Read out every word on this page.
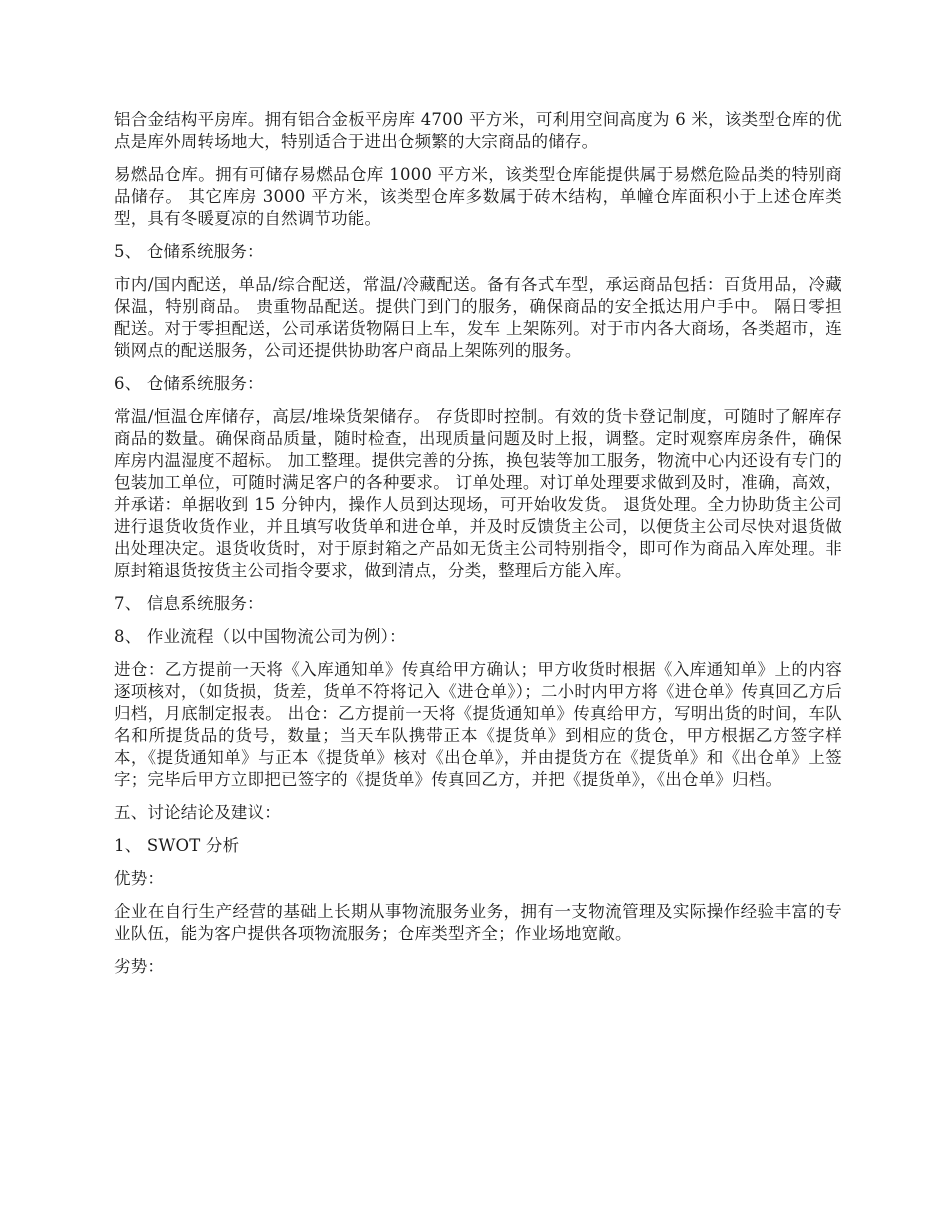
铝合金结构平房库。拥有铝合金板平房库 4700 平方米，可利用空间高度为 6 米，该类型仓库的优点是库外周转场地大，特别适合于进出仓频繁的大宗商品的储存。

易燃品仓库。拥有可储存易燃品仓库 1000 平方米，该类型仓库能提供属于易燃危险品类的特别商品储存。 其它库房 3000 平方米，该类型仓库多数属于砖木结构，单幢仓库面积小于上述仓库类型，具有冬暖夏凉的自然调节功能。

5、 仓储系统服务：

市内/国内配送，单品/综合配送，常温/冷藏配送。备有各式车型，承运商品包括：百货用品，冷藏保温，特别商品。 贵重物品配送。提供门到门的服务，确保商品的安全抵达用户手中。 隔日零担配送。对于零担配送，公司承诺货物隔日上车，发车 上架陈列。对于市内各大商场，各类超市，连锁网点的配送服务，公司还提供协助客户商品上架陈列的服务。

6、 仓储系统服务：

常温/恒温仓库储存，高层/堆垛货架储存。 存货即时控制。有效的货卡登记制度，可随时了解库存商品的数量。确保商品质量，随时检查，出现质量问题及时上报，调整。定时观察库房条件，确保库房内温湿度不超标。 加工整理。提供完善的分拣，换包装等加工服务，物流中心内还设有专门的包装加工单位，可随时满足客户的各种要求。 订单处理。对订单处理要求做到及时，准确，高效，并承诺：单据收到 15 分钟内，操作人员到达现场，可开始收发货。 退货处理。全力协助货主公司进行退货收货作业，并且填写收货单和进仓单，并及时反馈货主公司，以便货主公司尽快对退货做出处理决定。退货收货时，对于原封箱之产品如无货主公司特别指令，即可作为商品入库处理。非原封箱退货按货主公司指令要求，做到清点，分类，整理后方能入库。

7、 信息系统服务：

8、 作业流程（以中国物流公司为例）：

进仓：乙方提前一天将《入库通知单》传真给甲方确认；甲方收货时根据《入库通知单》上的内容逐项核对，（如货损，货差，货单不符将记入《进仓单》）；二小时内甲方将《进仓单》传真回乙方后归档，月底制定报表。 出仓：乙方提前一天将《提货通知单》传真给甲方，写明出货的时间，车队名和所提货品的货号，数量；当天车队携带正本《提货单》到相应的货仓，甲方根据乙方签字样本，《提货通知单》与正本《提货单》核对《出仓单》，并由提货方在《提货单》和《出仓单》上签字；完毕后甲方立即把已签字的《提货单》传真回乙方，并把《提货单》，《出仓单》归档。

五、讨论结论及建议：

1、 SWOT 分析

优势：

企业在自行生产经营的基础上长期从事物流服务业务，拥有一支物流管理及实际操作经验丰富的专业队伍，能为客户提供各项物流服务；仓库类型齐全；作业场地宽敞。

劣势：
